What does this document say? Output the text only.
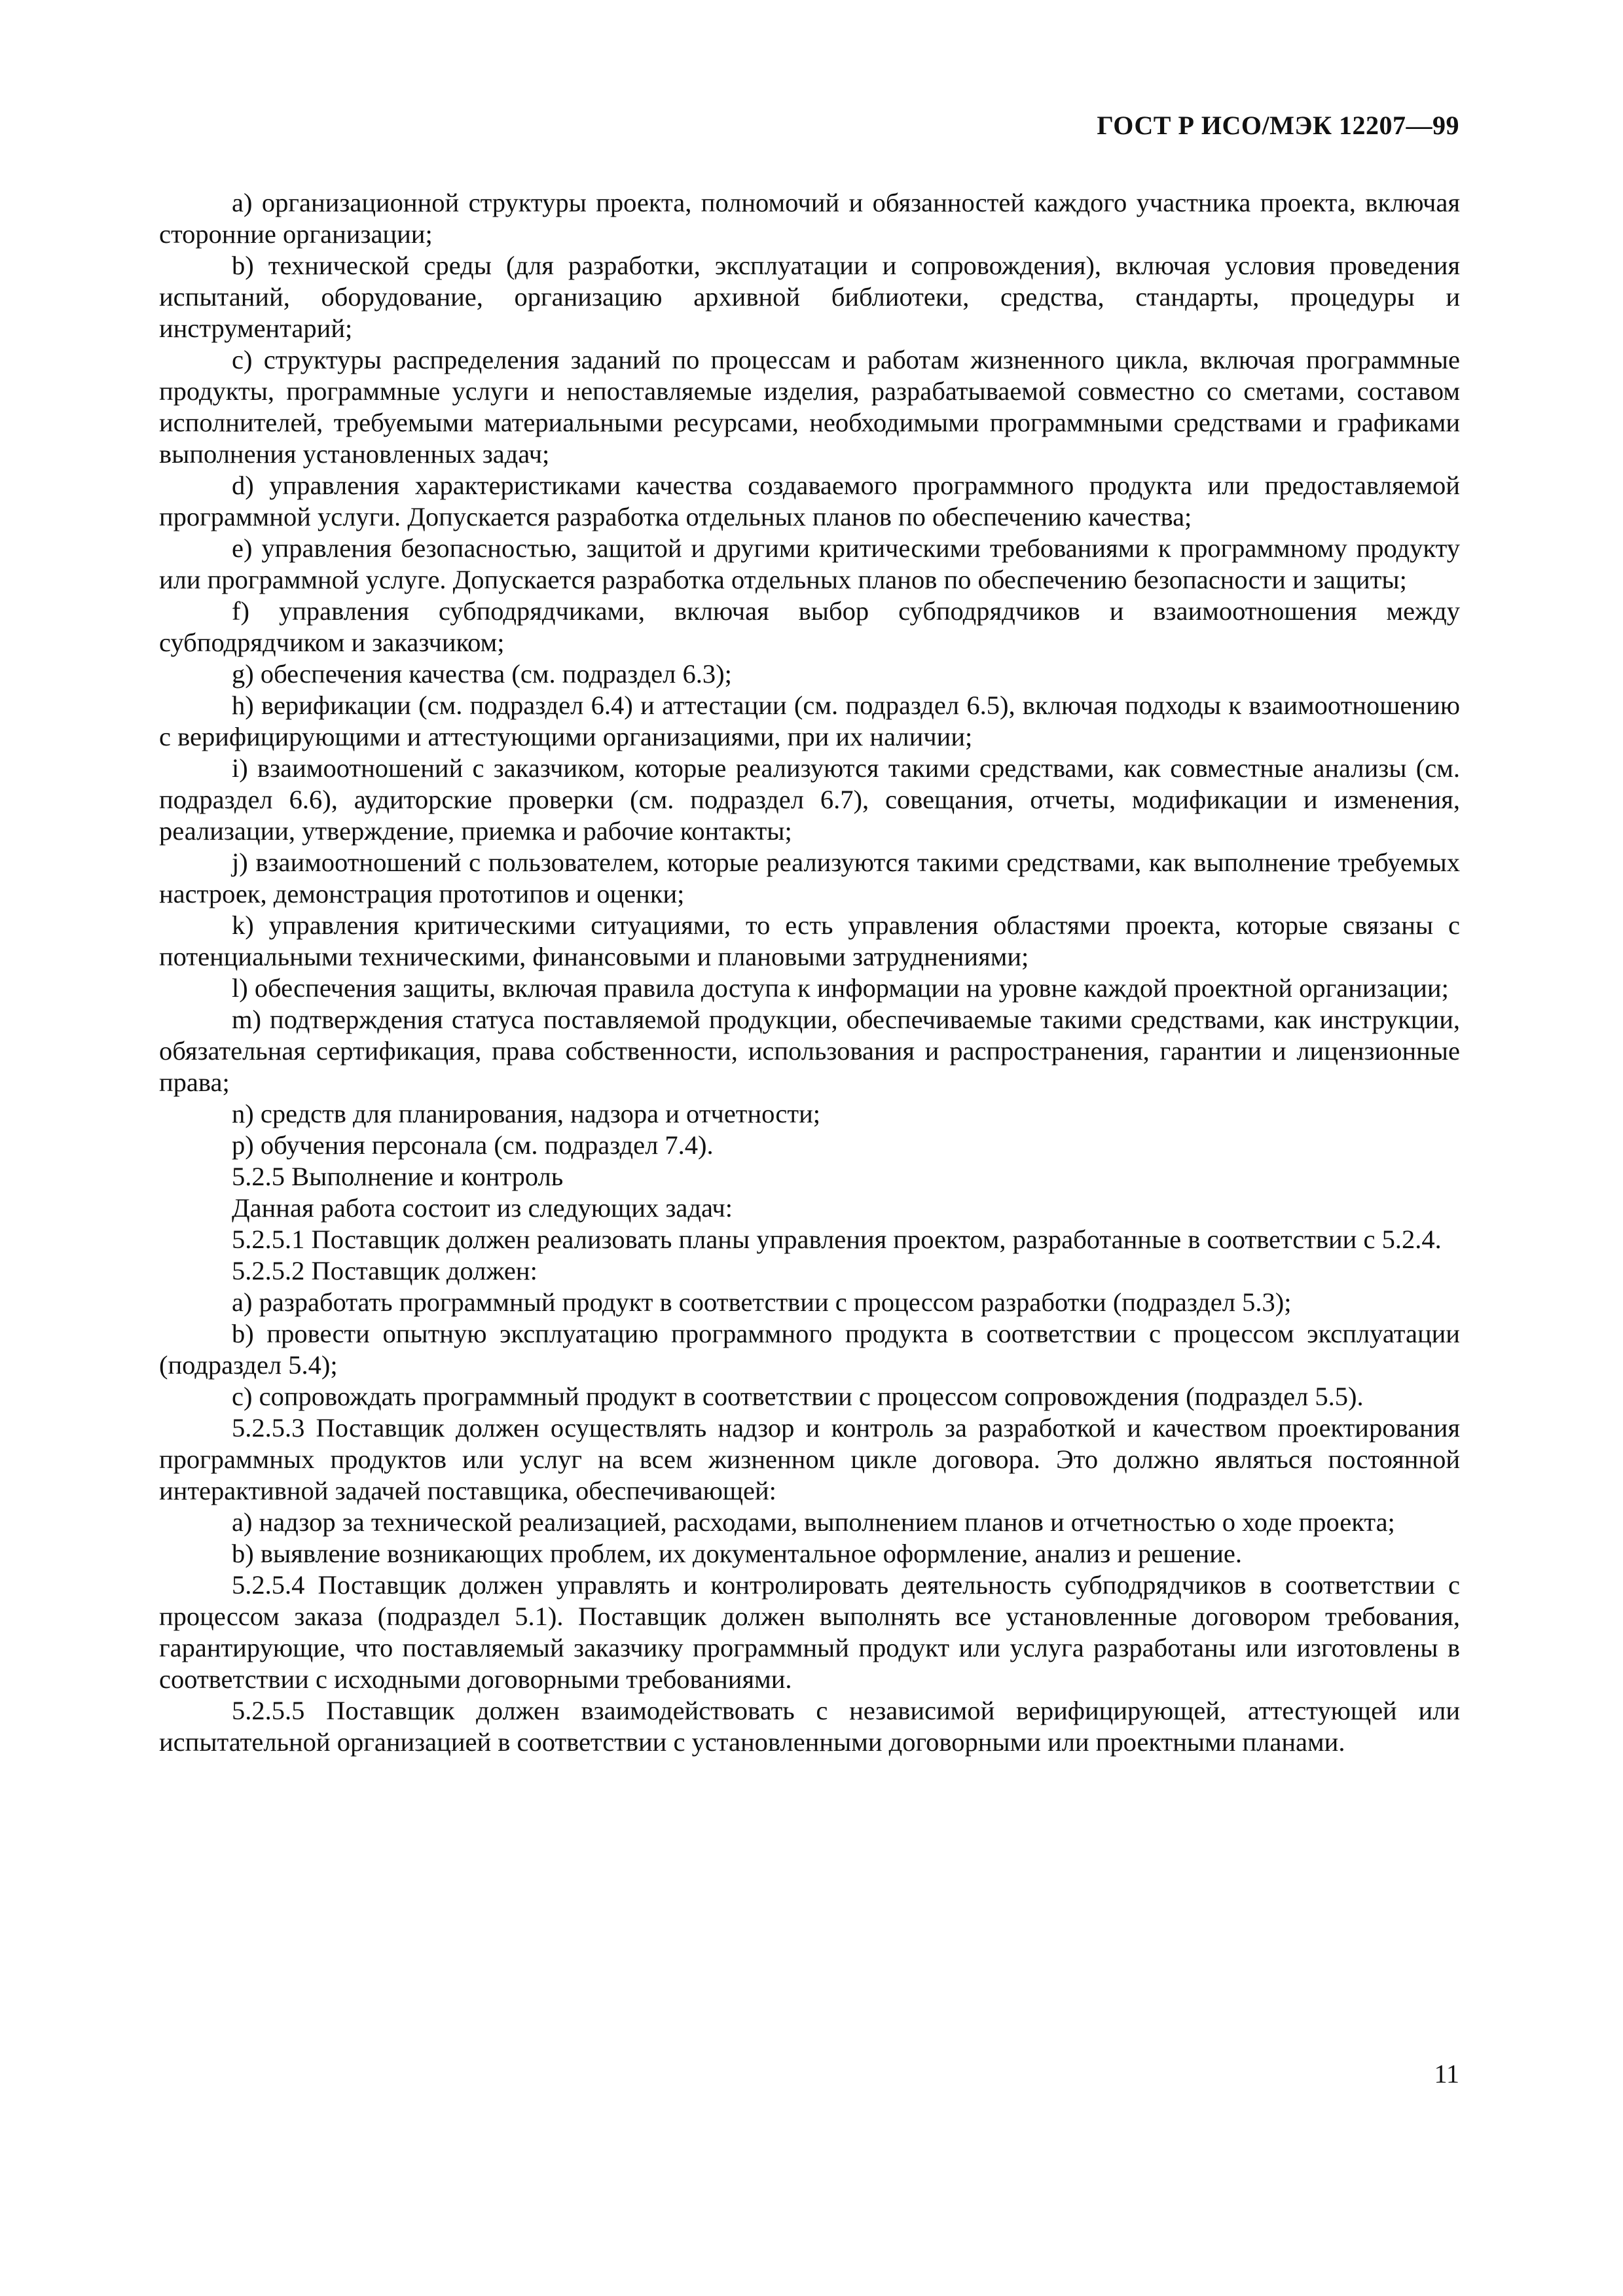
ГОСТ Р ИСО/МЭК 12207—99

а) организационной структуры проекта, полномочий и обязанностей каждого участника проекта, включая сторонние организации;

b) технической среды (для разработки, эксплуатации и сопровождения), включая условия проведения испытаний, оборудование, организацию архивной библиотеки, средства, стандарты, процедуры и инструментарий;

с) структуры распределения заданий по процессам и работам жизненного цикла, включая программные продукты, программные услуги и непоставляемые изделия, разрабатываемой совместно со сметами, составом исполнителей, требуемыми материальными ресурсами, необходимыми программными средствами и графиками выполнения установленных задач;

d) управления характеристиками качества создаваемого программного продукта или предоставляемой программной услуги. Допускается разработка отдельных планов по обеспечению качества;

е) управления безопасностью, защитой и другими критическими требованиями к программному продукту или программной услуге. Допускается разработка отдельных планов по обеспечению безопасности и защиты;

f) управления субподрядчиками, включая выбор субподрядчиков и взаимоотношения между субподрядчиком и заказчиком;

g) обеспечения качества (см. подраздел 6.3);

h) верификации (см. подраздел 6.4) и аттестации (см. подраздел 6.5), включая подходы к взаимоотношению с верифицирующими и аттестующими организациями, при их наличии;

i) взаимоотношений с заказчиком, которые реализуются такими средствами, как совместные анализы (см. подраздел 6.6), аудиторские проверки (см. подраздел 6.7), совещания, отчеты, модификации и изменения, реализации, утверждение, приемка и рабочие контакты;

j) взаимоотношений с пользователем, которые реализуются такими средствами, как выполнение требуемых настроек, демонстрация прототипов и оценки;

k) управления критическими ситуациями, то есть управления областями проекта, которые связаны с потенциальными техническими, финансовыми и плановыми затруднениями;

l) обеспечения защиты, включая правила доступа к информации на уровне каждой проектной организации;

m) подтверждения статуса поставляемой продукции, обеспечиваемые такими средствами, как инструкции, обязательная сертификация, права собственности, использования и распространения, гарантии и лицензионные права;

n) средств для планирования, надзора и отчетности;

р) обучения персонала (см. подраздел 7.4).

5.2.5 Выполнение и контроль

Данная работа состоит из следующих задач:

5.2.5.1 Поставщик должен реализовать планы управления проектом, разработанные в соответствии с 5.2.4.

5.2.5.2 Поставщик должен:

а) разработать программный продукт в соответствии с процессом разработки (подраздел 5.3);

b) провести опытную эксплуатацию программного продукта в соответствии с процессом эксплуатации (подраздел 5.4);

с) сопровождать программный продукт в соответствии с процессом сопровождения (подраздел 5.5).

5.2.5.3 Поставщик должен осуществлять надзор и контроль за разработкой и качеством проектирования программных продуктов или услуг на всем жизненном цикле договора. Это должно являться постоянной интерактивной задачей поставщика, обеспечивающей:

а) надзор за технической реализацией, расходами, выполнением планов и отчетностью о ходе проекта;

b) выявление возникающих проблем, их документальное оформление, анализ и решение.

5.2.5.4 Поставщик должен управлять и контролировать деятельность субподрядчиков в соответствии с процессом заказа (подраздел 5.1). Поставщик должен выполнять все установленные договором требования, гарантирующие, что поставляемый заказчику программный продукт или услуга разработаны или изготовлены в соответствии с исходными договорными требованиями.

5.2.5.5 Поставщик должен взаимодействовать с независимой верифицирующей, аттестующей или испытательной организацией в соответствии с установленными договорными или проектными планами.

11
